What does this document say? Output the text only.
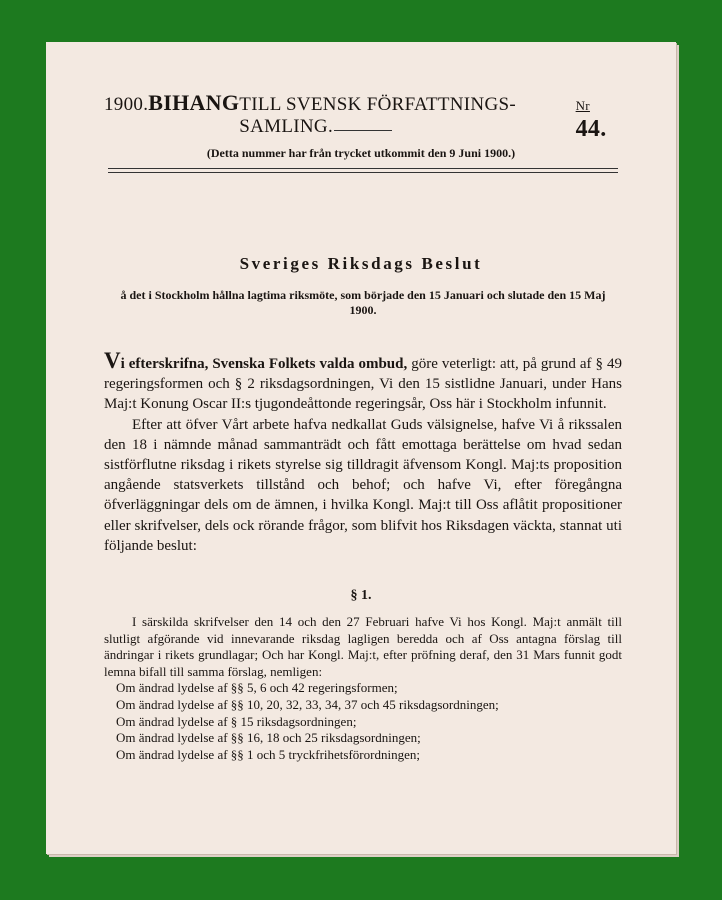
1900. BIHANG TILL SVENSK FÖRFATTNINGS-SAMLING.
Nr 44.
(Detta nummer har från trycket utkommit den 9 Juni 1900.)
Sveriges Riksdags Beslut
å det i Stockholm hållna lagtima riksmöte, som började den 15 Januari och slutade den 15 Maj 1900.

Vi efterskrifna, Svenska Folkets valda ombud, göre veterligt: att, på grund af § 49 regeringsformen och § 2 riksdagsordningen, Vi den 15 sistlidne Januari, under Hans Maj:t Konung Oscar II:s tjugondeåttonde regeringsår, Oss här i Stockholm infunnit.

Efter att öfver Vårt arbete hafva nedkallat Guds välsignelse, hafve Vi å rikssalen den 18 i nämnde månad sammanträdt och fått emottaga berättelse om hvad sedan sistförflutne riksdag i rikets styrelse sig tilldragit äfvensom Kongl. Maj:ts proposition angående statsverkets tillstånd och behof; och hafve Vi, efter föregångna öfverläggningar dels om de ämnen, i hvilka Kongl. Maj:t till Oss aflåtit propositioner eller skrifvelser, dels ock rörande frågor, som blifvit hos Riksdagen väckta, stannat uti följande beslut:

§ 1.

I särskilda skrifvelser den 14 och den 27 Februari hafve Vi hos Kongl. Maj:t anmält till slutligt afgörande vid innevarande riksdag lagligen beredda och af Oss antagna förslag till ändringar i rikets grundlagar; Och har Kongl. Maj:t, efter pröfning deraf, den 31 Mars funnit godt lemna bifall till samma förslag, nemligen:

Om ändrad lydelse af §§ 5, 6 och 42 regeringsformen;

Om ändrad lydelse af §§ 10, 20, 32, 33, 34, 37 och 45 riksdagsordningen;

Om ändrad lydelse af § 15 riksdagsordningen;

Om ändrad lydelse af §§ 16, 18 och 25 riksdagsordningen;

Om ändrad lydelse af §§ 1 och 5 tryckfrihetsförordningen;
